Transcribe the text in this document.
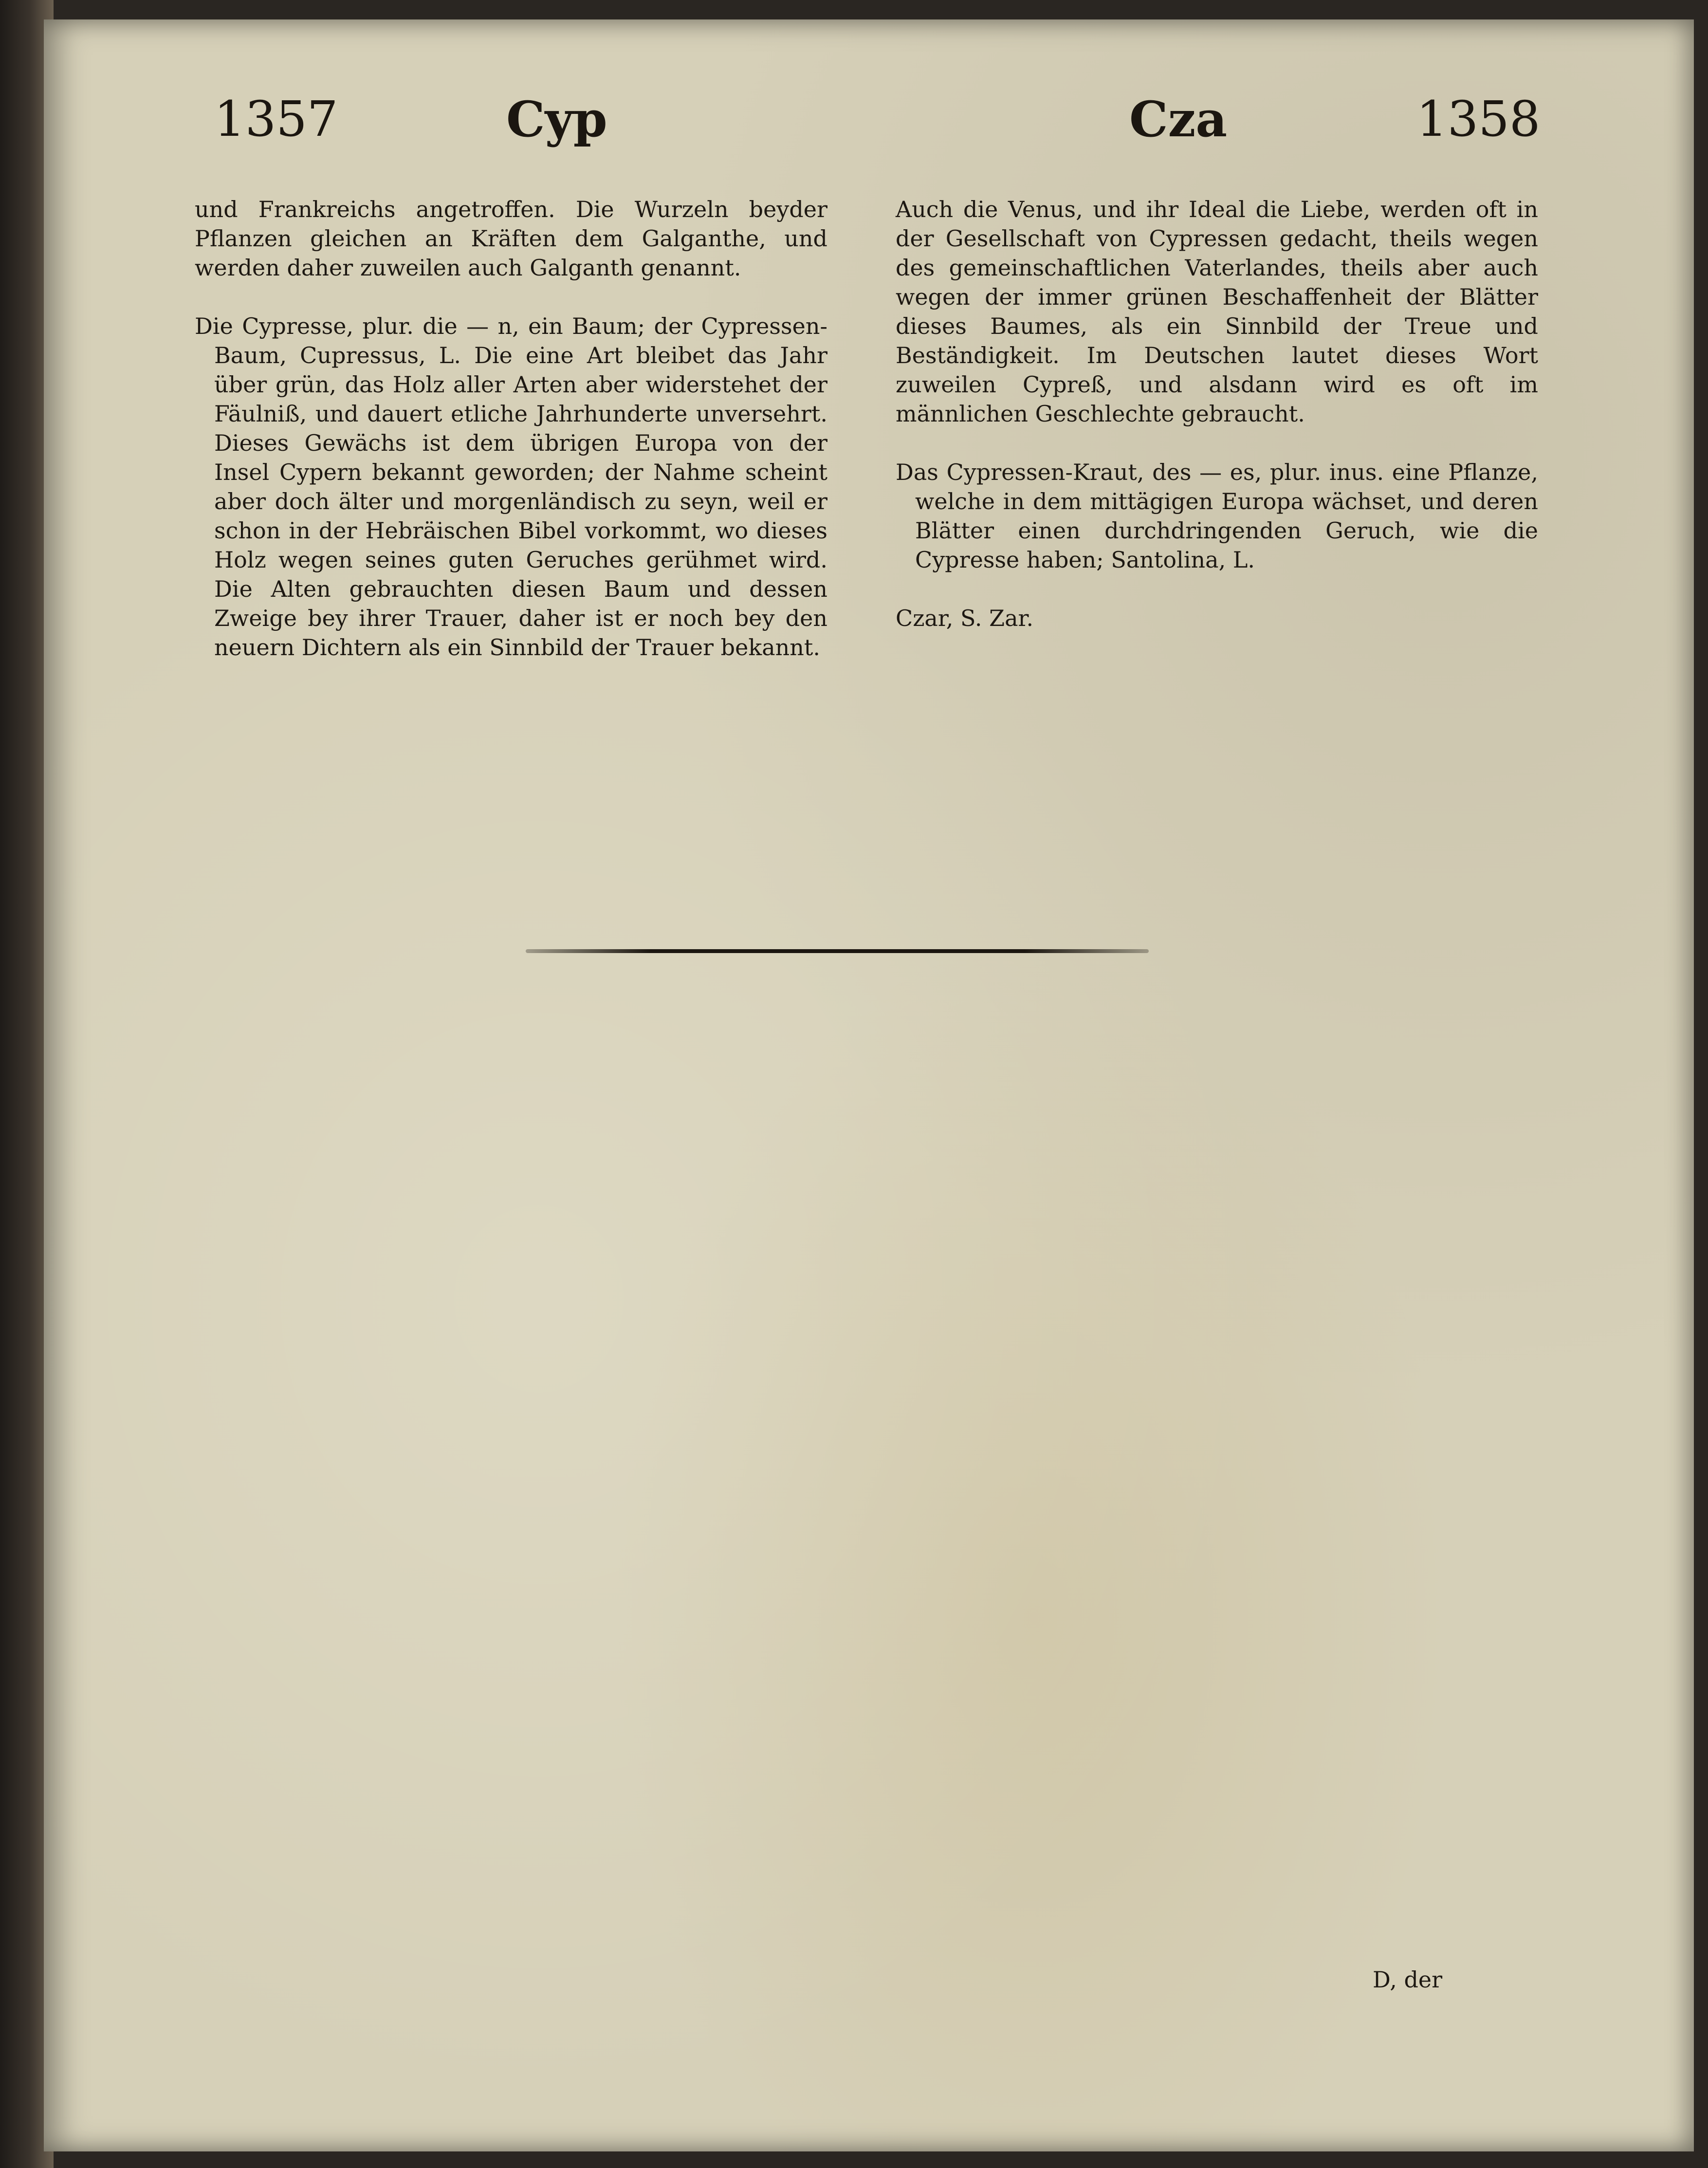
1357	Cyp	Cza	1358

und Frankreichs angetroffen. Die Wurzeln beyder Pflanzen gleichen an Kräften dem Galganthe, und werden daher zuweilen auch Galganth genannt.

Die Cypresse, plur. die — n, ein Baum; der Cypressen-Baum, Cupressus, L. Die eine Art bleibet das Jahr über grün, das Holz aller Arten aber widerstehet der Fäulniß, und dauert etliche Jahrhunderte unversehrt. Dieses Gewächs ist dem übrigen Europa von der Insel Cypern bekannt geworden; der Nahme scheint aber doch älter und morgenländisch zu seyn, weil er schon in der Hebräischen Bibel vorkommt, wo dieses Holz wegen seines guten Geruches gerühmet wird. Die Alten gebrauchten diesen Baum und dessen Zweige bey ihrer Trauer, daher ist er noch bey den neuern Dichtern als ein Sinnbild der Trauer bekannt.

Auch die Venus, und ihr Ideal die Liebe, werden oft in der Gesellschaft von Cypressen gedacht, theils wegen des gemeinschaftlichen Vaterlandes, theils aber auch wegen der immer grünen Beschaffenheit der Blätter dieses Baumes, als ein Sinnbild der Treue und Beständigkeit. Im Deutschen lautet dieses Wort zuweilen Cypreß, und alsdann wird es oft im männlichen Geschlechte gebraucht.

Das Cypressen-Kraut, des — es, plur. inus. eine Pflanze, welche in dem mittägigen Europa wächset, und deren Blätter einen durchdringenden Geruch, wie die Cypresse haben; Santolina, L.

Czar, S. Zar.

D, der
